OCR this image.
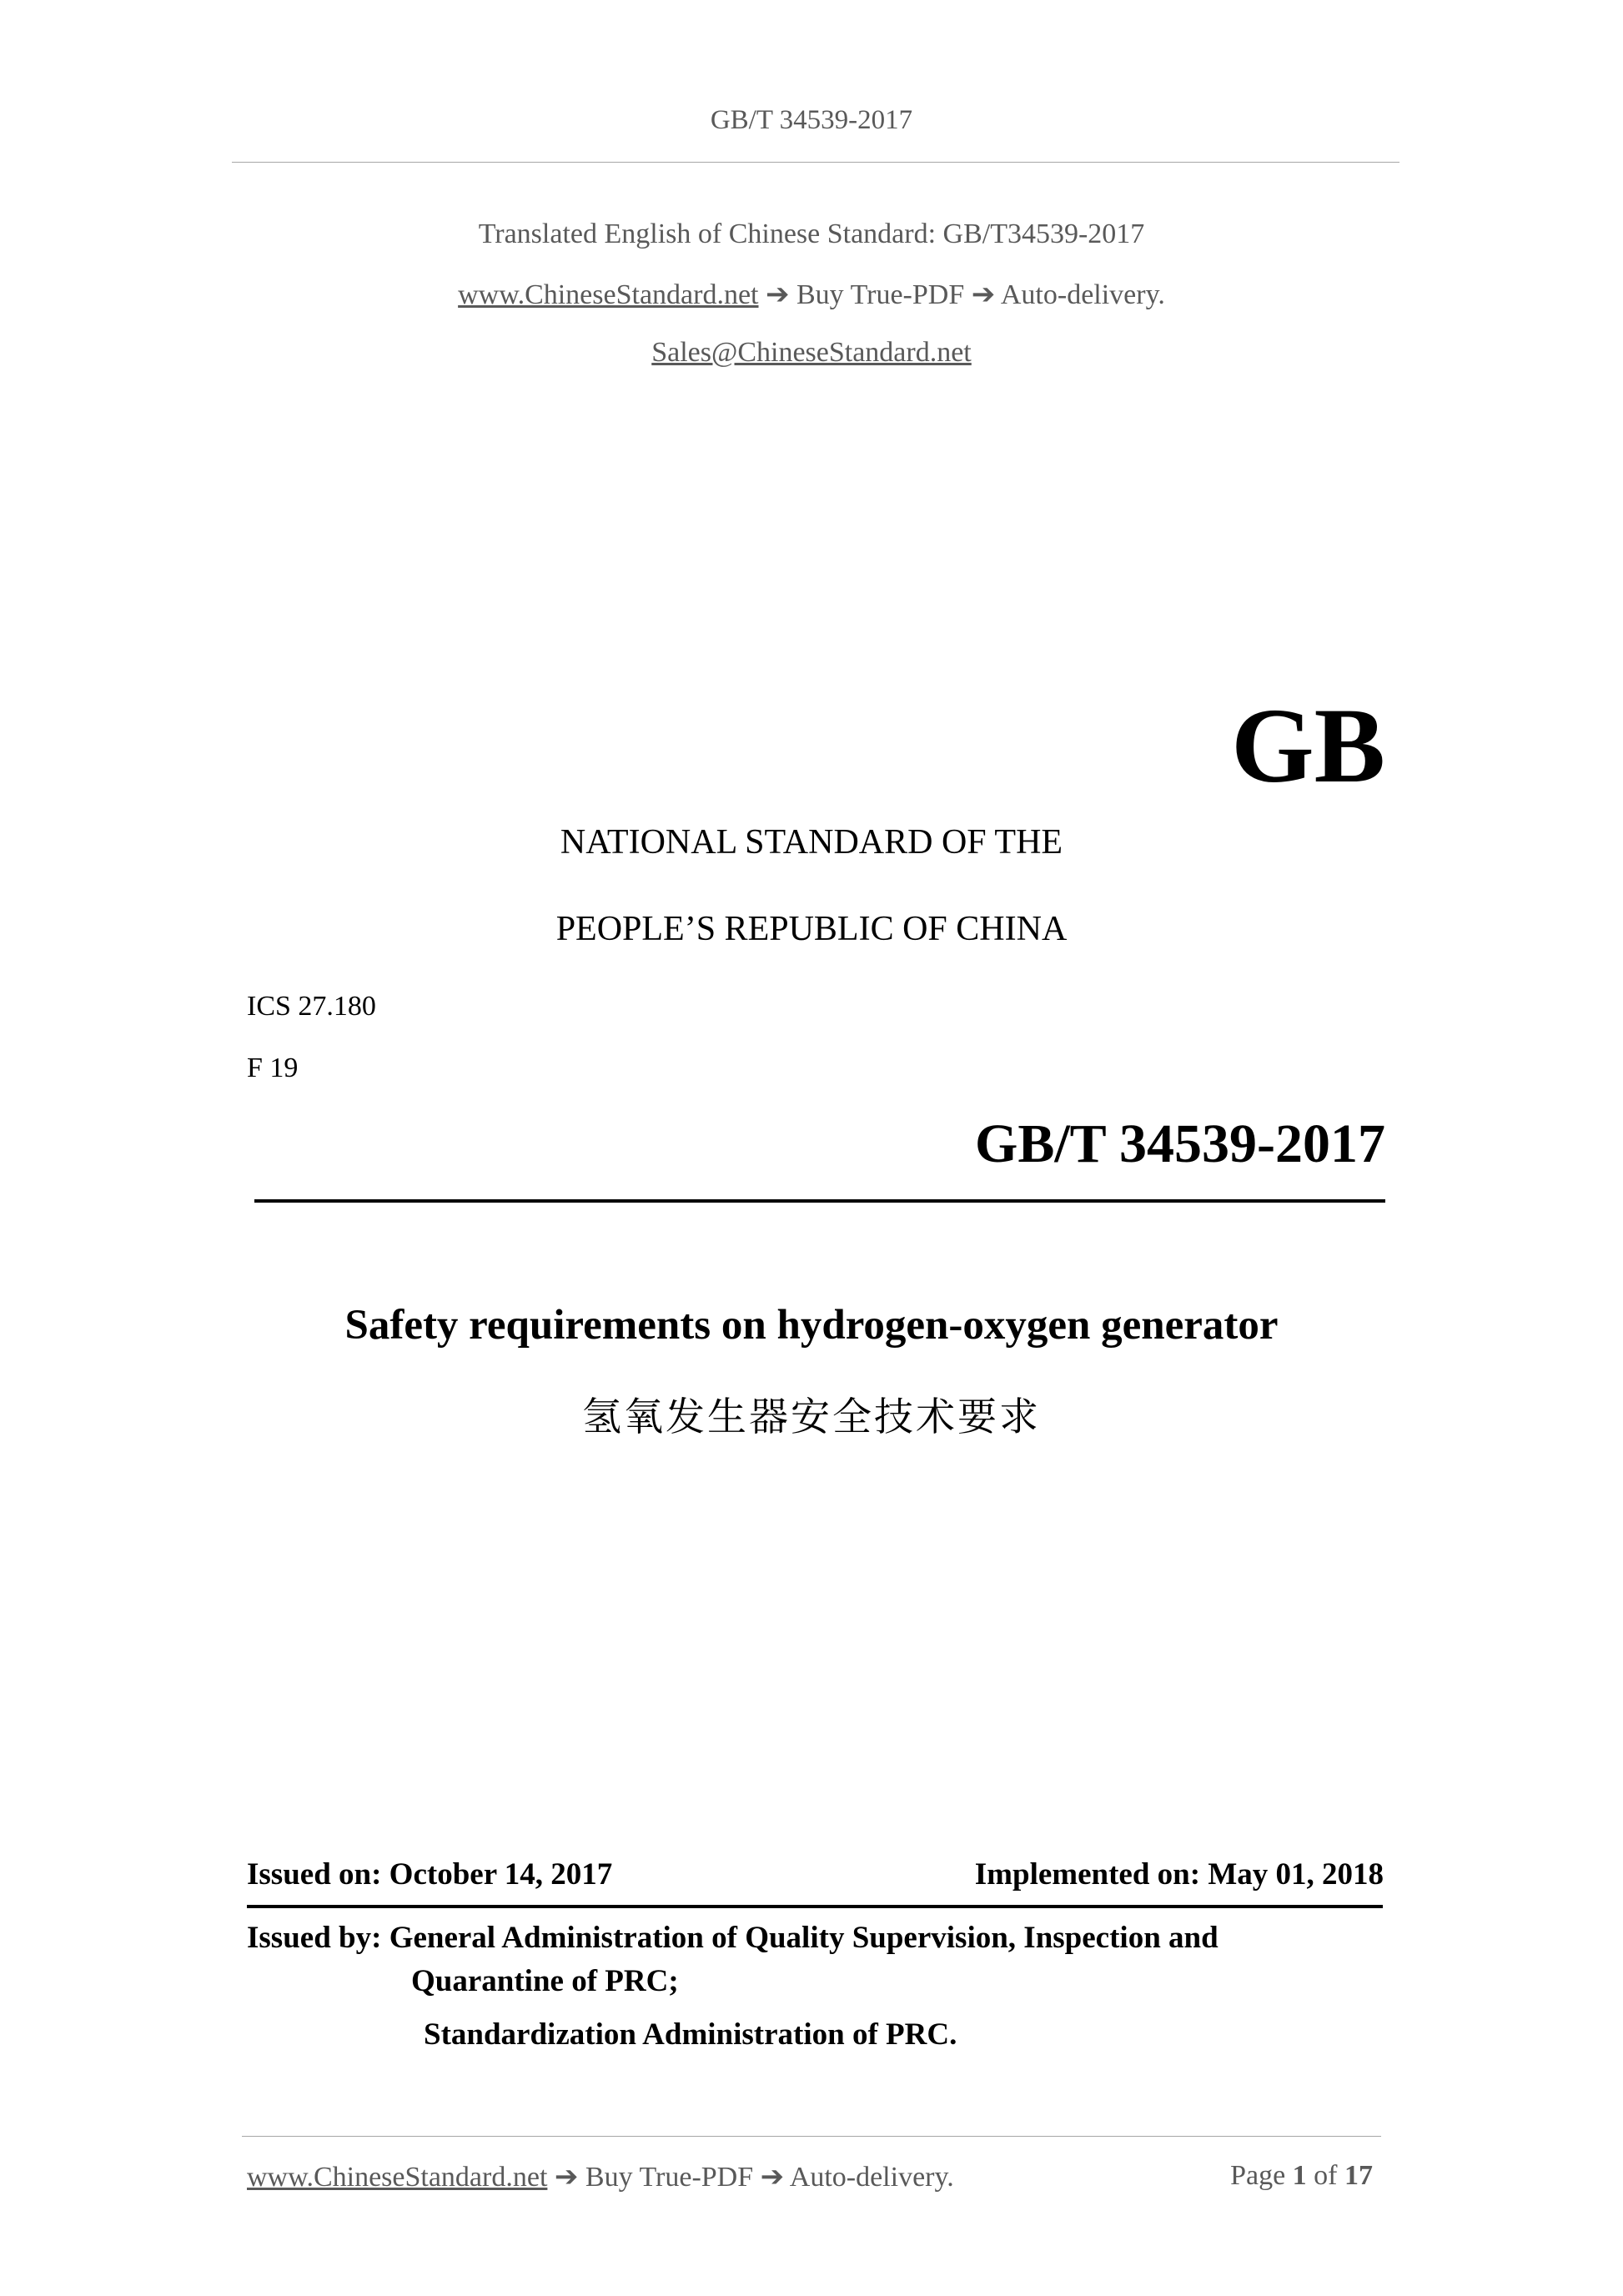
GB/T 34539-2017
Translated English of Chinese Standard: GB/T34539-2017
www.ChineseStandard.net ➔ Buy True-PDF ➔ Auto-delivery.
Sales@ChineseStandard.net
GB
NATIONAL STANDARD OF THE
PEOPLE’S REPUBLIC OF CHINA
ICS 27.180
F 19
GB/T 34539-2017
Safety requirements on hydrogen-oxygen generator
氢氧发生器安全技术要求
Issued on: October 14, 2017	Implemented on: May 01, 2018
Issued by: General Administration of Quality Supervision, Inspection and
Quarantine of PRC;
Standardization Administration of PRC.
www.ChineseStandard.net ➔ Buy True-PDF ➔ Auto-delivery.	Page 1 of 17
